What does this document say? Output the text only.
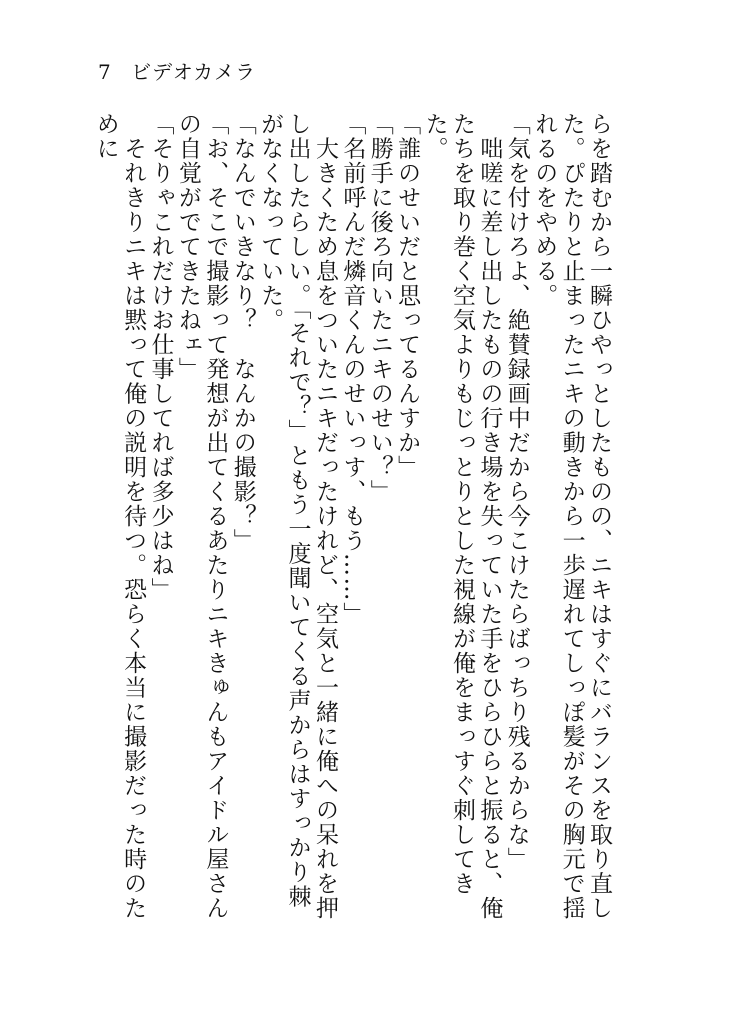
7 ビデオカメラ

らを踏むから一瞬ひやっとしたものの、ニキはすぐにバランスを取り直した。ぴたりと止まったニキの動きから一歩遅れてしっぽ髪がその胸元で揺れるのをやめる。

「気を付けろよ、絶賛録画中だから今こけたらばっちり残るからな」

　咄嗟に差し出したものの行き場を失っていた手をひらひらと振ると、俺たちを取り巻く空気よりもじっとりとした視線が俺をまっすぐ刺してきた。

「誰のせいだと思ってるんすか」

「勝手に後ろ向いたニキのせい？」

「名前呼んだ燐音くんのせいっす、もう……」

　大きくため息をついたニキだったけれど、空気と一緒に俺への呆れを押し出したらしい。「それで？」ともう一度聞いてくる声からはすっかり棘がなくなっていた。

「なんでいきなり？　なんかの撮影？」

「お、そこで撮影って発想が出てくるあたりニキきゅんもアイドル屋さんの自覚がでてきたねェ」

「そりゃこれだけお仕事してれば多少はね」

　それきりニキは黙って俺の説明を待つ。恐らく本当に撮影だった時のために
